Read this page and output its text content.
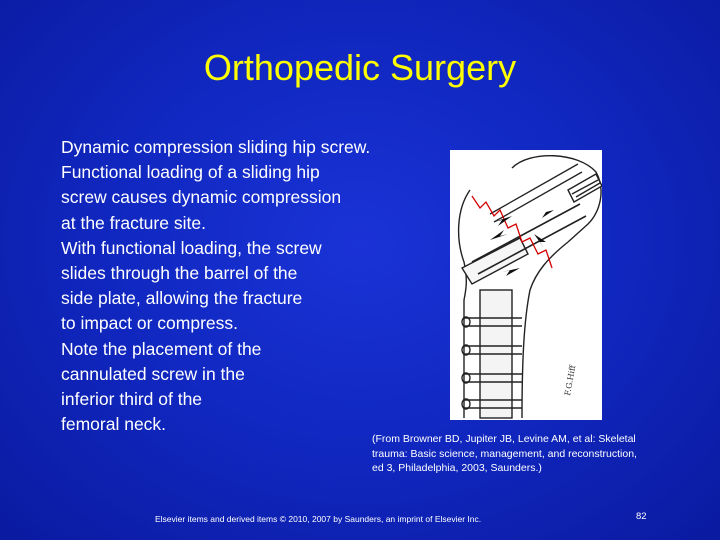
Orthopedic Surgery
Dynamic compression sliding hip screw.
Functional loading of a sliding hip
screw causes dynamic compression
at the fracture site.
With functional loading, the screw
slides through the barrel of the
side plate, allowing the fracture
to impact or compress.
Note the placement of the
cannulated screw in the
inferior third of the
femoral neck.
F.G.Hiff
(From Browner BD, Jupiter JB, Levine AM, et al: Skeletal
trauma: Basic science, management, and reconstruction,
ed 3, Philadelphia, 2003, Saunders.)
Elsevier items and derived items © 2010, 2007 by Saunders, an imprint of Elsevier Inc.	82
